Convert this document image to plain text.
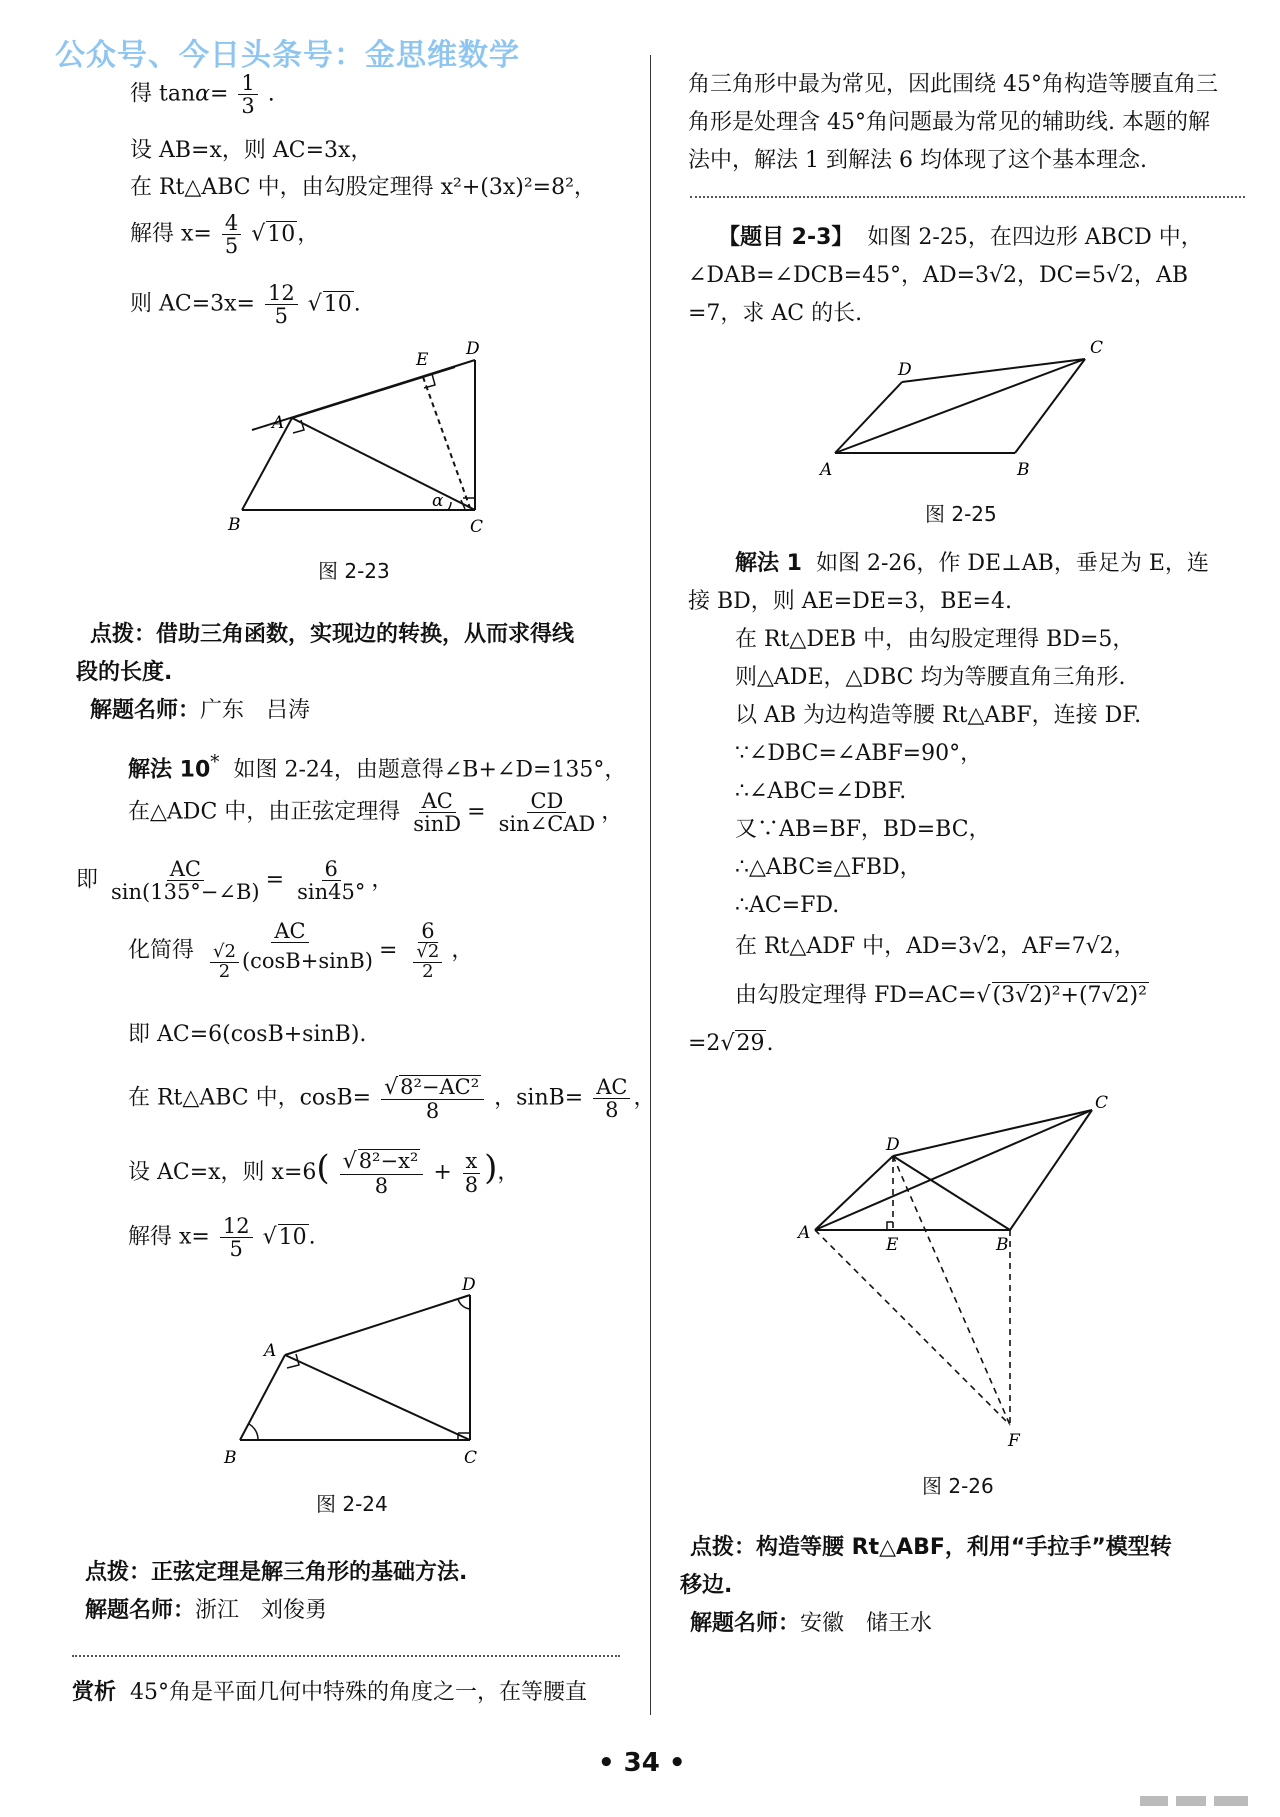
公众号、今日头条号：金思维数学
得 $\tan\alpha= \frac{1}{3}$ .
设 AB=x，则 AC=3x，
在 Rt△ABC 中，由勾股定理得 x²+(3x)²=8²，
解得 $x= \frac{4}{5} √10$，
则 $AC=3x= \frac{12}{5} √10$.
A
B	C
D
E
α
图 2-23
点拨：借助三角函数，实现边的转换，从而求得线
段的长度.
解题名师：广东　吕涛
解法 10* 如图 2-24，由题意得∠B+∠D=135°，
在△ADC 中，由正弦定理得 $\frac{AC}{\sin D} = \frac{CD}{\text{sin∠CAD}}$ ，
即 $\frac{AC}{\sin(135^\circ-\angle B)} = \frac{6}{\sin 45^\circ}$ ，
化简得 $\frac{AC}{\frac{√2}{2} (\cos B+\sin B)} = \frac{6}{\frac{√2}{2}}$ ，
即 AC=6(cosB+sinB).
在 Rt△ABC 中，$\cos B= \frac{\text{√8²−AC²}}{8}$ ，$\sin B= \frac{AC}{8}$ ，
设 AC=x，则 $x=6( \frac{\text{√8²−x²}}{8} + \frac{x}{8}$ )，
解得 $x= \frac{12}{5} √10$.
A
B	C
D
图 2-24
点拨：正弦定理是解三角形的基础方法.
解题名师：浙江　刘俊勇
赏析 45°角是平面几何中特殊的角度之一，在等腰直
角三角形中最为常见，因此围绕 45°角构造等腰直角三
角形是处理含 45°角问题最为常见的辅助线. 本题的解
法中，解法 1 到解法 6 均体现了这个基本理念.
【题目 2-3】 如图 2-25，在四边形 ABCD 中，
∠DAB=∠DCB=45°，AD=3√2，DC=5√2，AB
=7，求 AC 的长.
A	B
C
D
图 2-25
解法 1 如图 2-26，作 DE⊥AB，垂足为 E，连
接 BD，则 AE=DE=3，BE=4.
在 Rt△DEB 中，由勾股定理得 BD=5，
则△ADE，△DBC 均为等腰直角三角形.
以 AB 为边构造等腰 Rt△ABF，连接 DF.
∵∠DBC=∠ABF=90°，
∴∠ABC=∠DBF.
又∵AB=BF，BD=BC，
∴△ABC≌△FBD，
∴AC=FD.
在 Rt△ADF 中，AD=3√2，AF=7√2，
由勾股定理得 FD=AC=√(3√2)²+(7√2)²
=2√29.
A
B
C
D
E
F
图 2-26
点拨：构造等腰 Rt△ABF，利用“手拉手”模型转
移边.
解题名师：安徽　储王水
• 34 •
